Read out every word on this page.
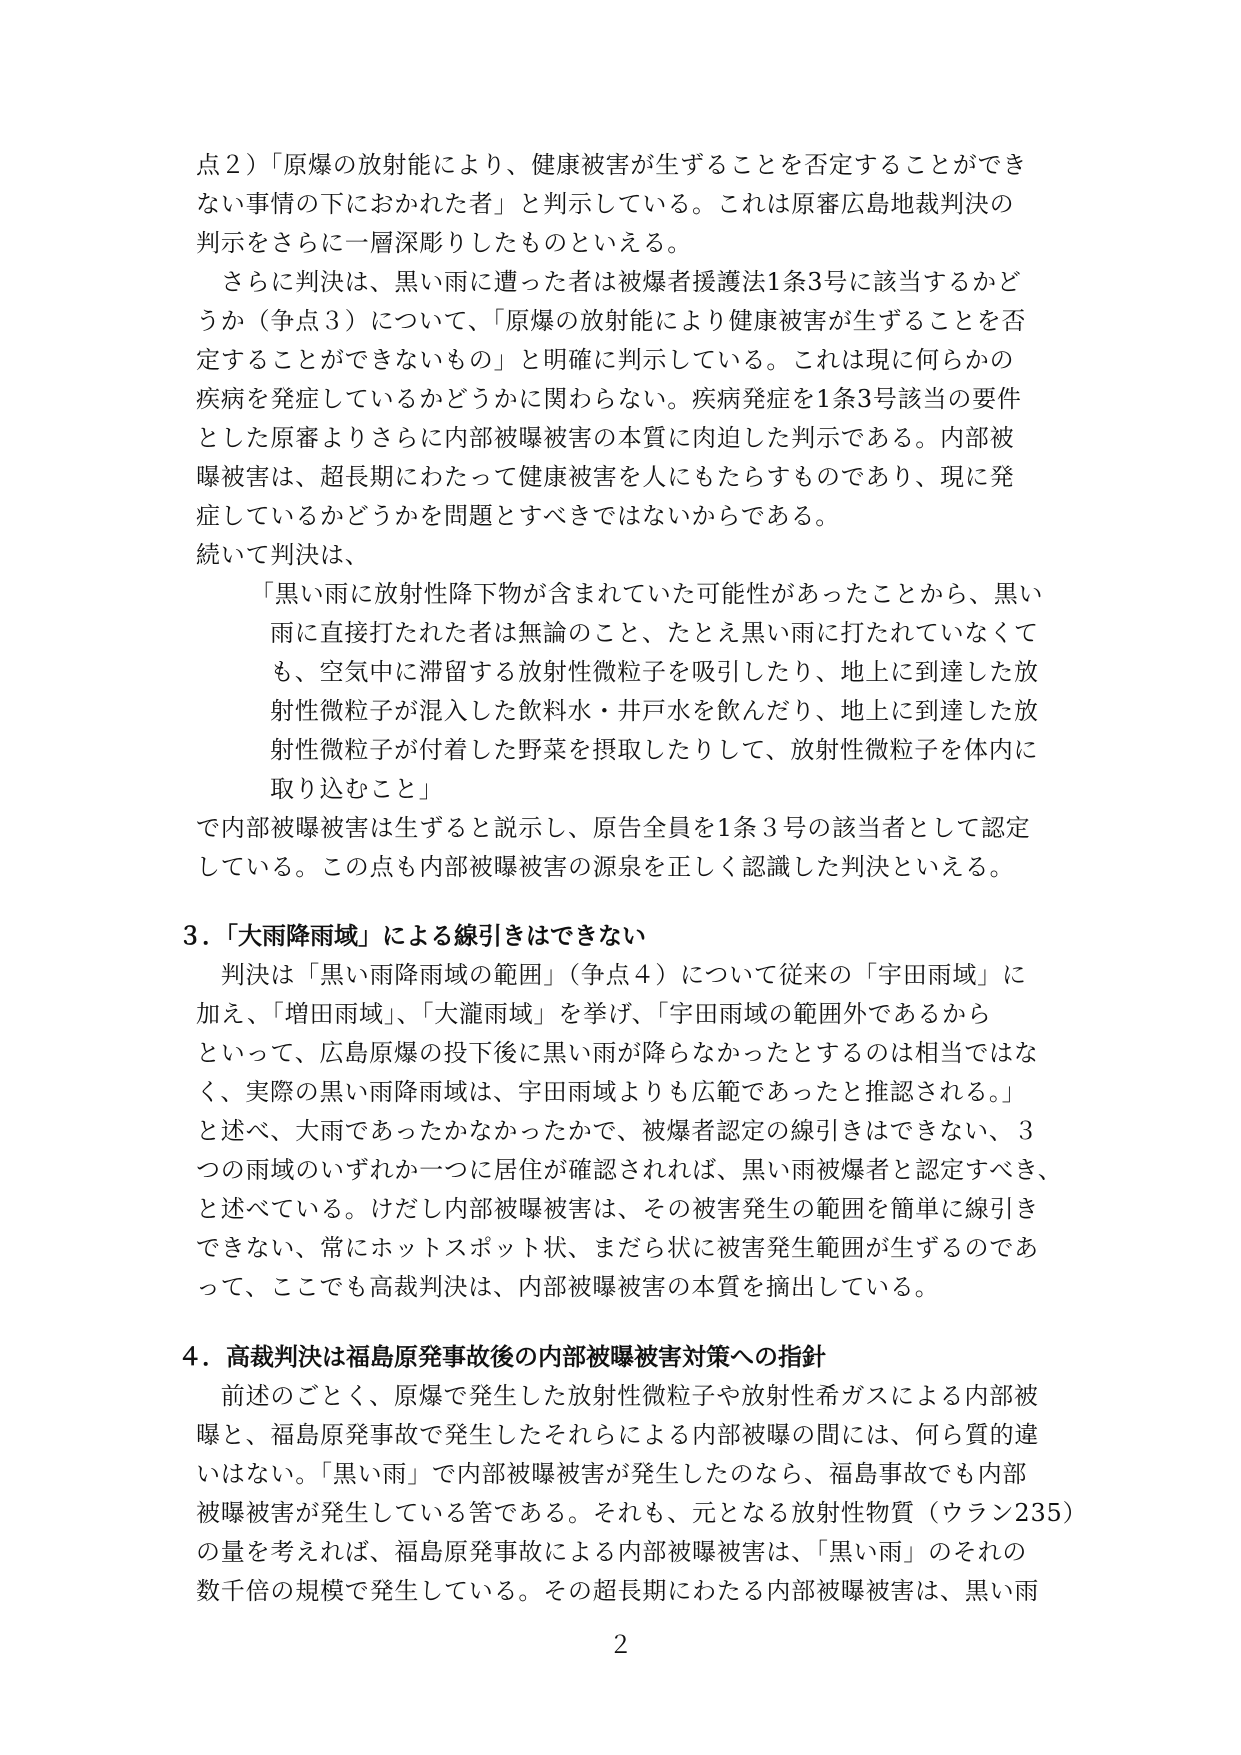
点２）「原爆の放射能により、健康被害が生ずることを否定することができ
ない事情の下におかれた者」と判示している。これは原審広島地裁判決の
判示をさらに一層深彫りしたものといえる。
　さらに判決は、黒い雨に遭った者は被爆者援護法1条3号に該当するかど
うか（争点３）について、「原爆の放射能により健康被害が生ずることを否
定することができないもの」と明確に判示している。これは現に何らかの
疾病を発症しているかどうかに関わらない。疾病発症を1条3号該当の要件
とした原審よりさらに内部被曝被害の本質に肉迫した判示である。内部被
曝被害は、超長期にわたって健康被害を人にもたらすものであり、現に発
症しているかどうかを問題とすべきではないからである。
続いて判決は、
「黒い雨に放射性降下物が含まれていた可能性があったことから、黒い
雨に直接打たれた者は無論のこと、たとえ黒い雨に打たれていなくて
も、空気中に滞留する放射性微粒子を吸引したり、地上に到達した放
射性微粒子が混入した飲料水・井戸水を飲んだり、地上に到達した放
射性微粒子が付着した野菜を摂取したりして、放射性微粒子を体内に
取り込むこと」
で内部被曝被害は生ずると説示し、原告全員を1条３号の該当者として認定
している。この点も内部被曝被害の源泉を正しく認識した判決といえる。
３．「大雨降雨域」による線引きはできない
　判決は「黒い雨降雨域の範囲」（争点４）について従来の「宇田雨域」に
加え、「増田雨域」、「大瀧雨域」を挙げ、「宇田雨域の範囲外であるから
といって、広島原爆の投下後に黒い雨が降らなかったとするのは相当ではな
く、実際の黒い雨降雨域は、宇田雨域よりも広範であったと推認される。」
と述べ、大雨であったかなかったかで、被爆者認定の線引きはできない、３
つの雨域のいずれか一つに居住が確認されれば、黒い雨被爆者と認定すべき、
と述べている。けだし内部被曝被害は、その被害発生の範囲を簡単に線引き
できない、常にホットスポット状、まだら状に被害発生範囲が生ずるのであ
って、ここでも高裁判決は、内部被曝被害の本質を摘出している。
４．高裁判決は福島原発事故後の内部被曝被害対策への指針
　前述のごとく、原爆で発生した放射性微粒子や放射性希ガスによる内部被
曝と、福島原発事故で発生したそれらによる内部被曝の間には、何ら質的違
いはない。「黒い雨」で内部被曝被害が発生したのなら、福島事故でも内部
被曝被害が発生している筈である。それも、元となる放射性物質（ウラン235）
の量を考えれば、福島原発事故による内部被曝被害は、「黒い雨」のそれの
数千倍の規模で発生している。その超長期にわたる内部被曝被害は、黒い雨
２
